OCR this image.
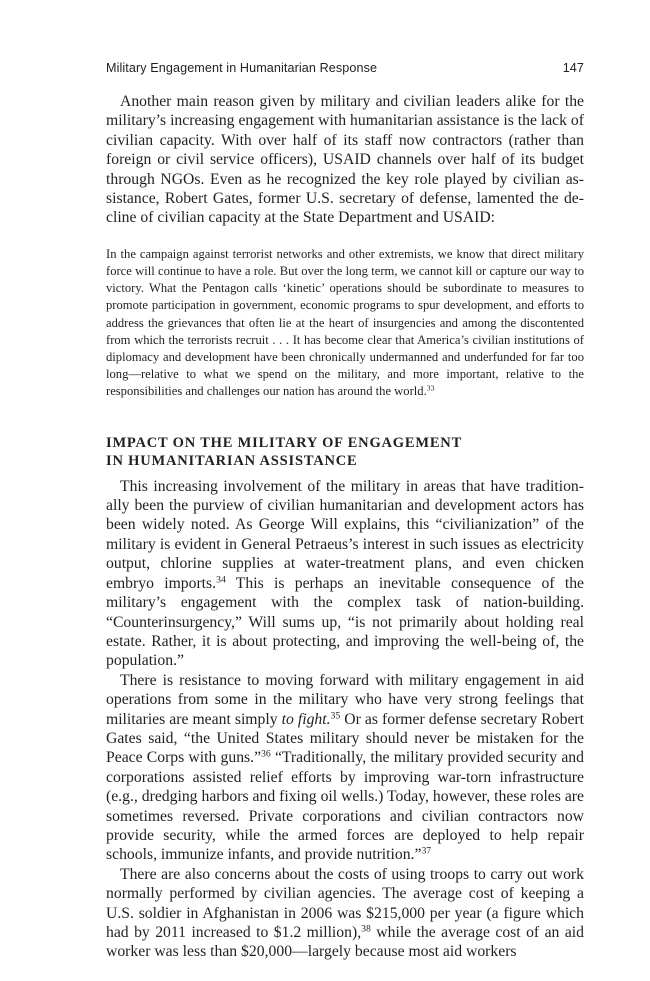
Military Engagement in Humanitarian Response	147

Another main reason given by military and civilian leaders alike for the military’s increasing engagement with humanitarian assistance is the lack of civilian capacity. With over half of its staff now contractors (rather than foreign or civil service officers), USAID channels over half of its budget through NGOs. Even as he recognized the key role played by civilian assistance, Robert Gates, former U.S. secretary of defense, lamented the decline of civilian capacity at the State Department and USAID:

In the campaign against terrorist networks and other extremists, we know that direct military force will continue to have a role. But over the long term, we cannot kill or capture our way to victory. What the Pentagon calls ‘kinetic’ operations should be subordinate to measures to promote participation in government, economic programs to spur development, and efforts to address the grievances that often lie at the heart of insurgencies and among the discontented from which the terrorists recruit . . . It has become clear that America’s civilian institutions of diplomacy and development have been chronically undermanned and underfunded for far too long—relative to what we spend on the military, and more important, relative to the responsibilities and challenges our nation has around the world.$^{33}$
IMPACT ON THE MILITARY OF ENGAGEMENT
IN HUMANITARIAN ASSISTANCE

This increasing involvement of the military in areas that have traditionally been the purview of civilian humanitarian and development actors has been widely noted. As George Will explains, this “civilianization” of the military is evident in General Petraeus’s interest in such issues as electricity output, chlorine supplies at water-treatment plans, and even chicken embryo imports.$^{34}$ This is perhaps an inevitable consequence of the military’s engagement with the complex task of nation-building. “Counterinsurgency,” Will sums up, “is not primarily about holding real estate. Rather, it is about protecting, and improving the well-being of, the population.”

There is resistance to moving forward with military engagement in aid operations from some in the military who have very strong feelings that militaries are meant simply to fight.$^{35}$ Or as former defense secretary Robert Gates said, “the United States military should never be mistaken for the Peace Corps with guns.”$^{36}$ “Traditionally, the military provided security and corporations assisted relief efforts by improving war-torn infrastructure (e.g., dredging harbors and fixing oil wells.) Today, however, these roles are sometimes reversed. Private corporations and civilian contractors now provide security, while the armed forces are deployed to help repair schools, immunize infants, and provide nutrition.”$^{37}$

There are also concerns about the costs of using troops to carry out work normally performed by civilian agencies. The average cost of keeping a U.S. soldier in Afghanistan in 2006 was $215,000 per year (a figure which had by 2011 increased to $1.2 million),$^{38}$ while the average cost of an aid worker was less than $20,000—largely because most aid workers
